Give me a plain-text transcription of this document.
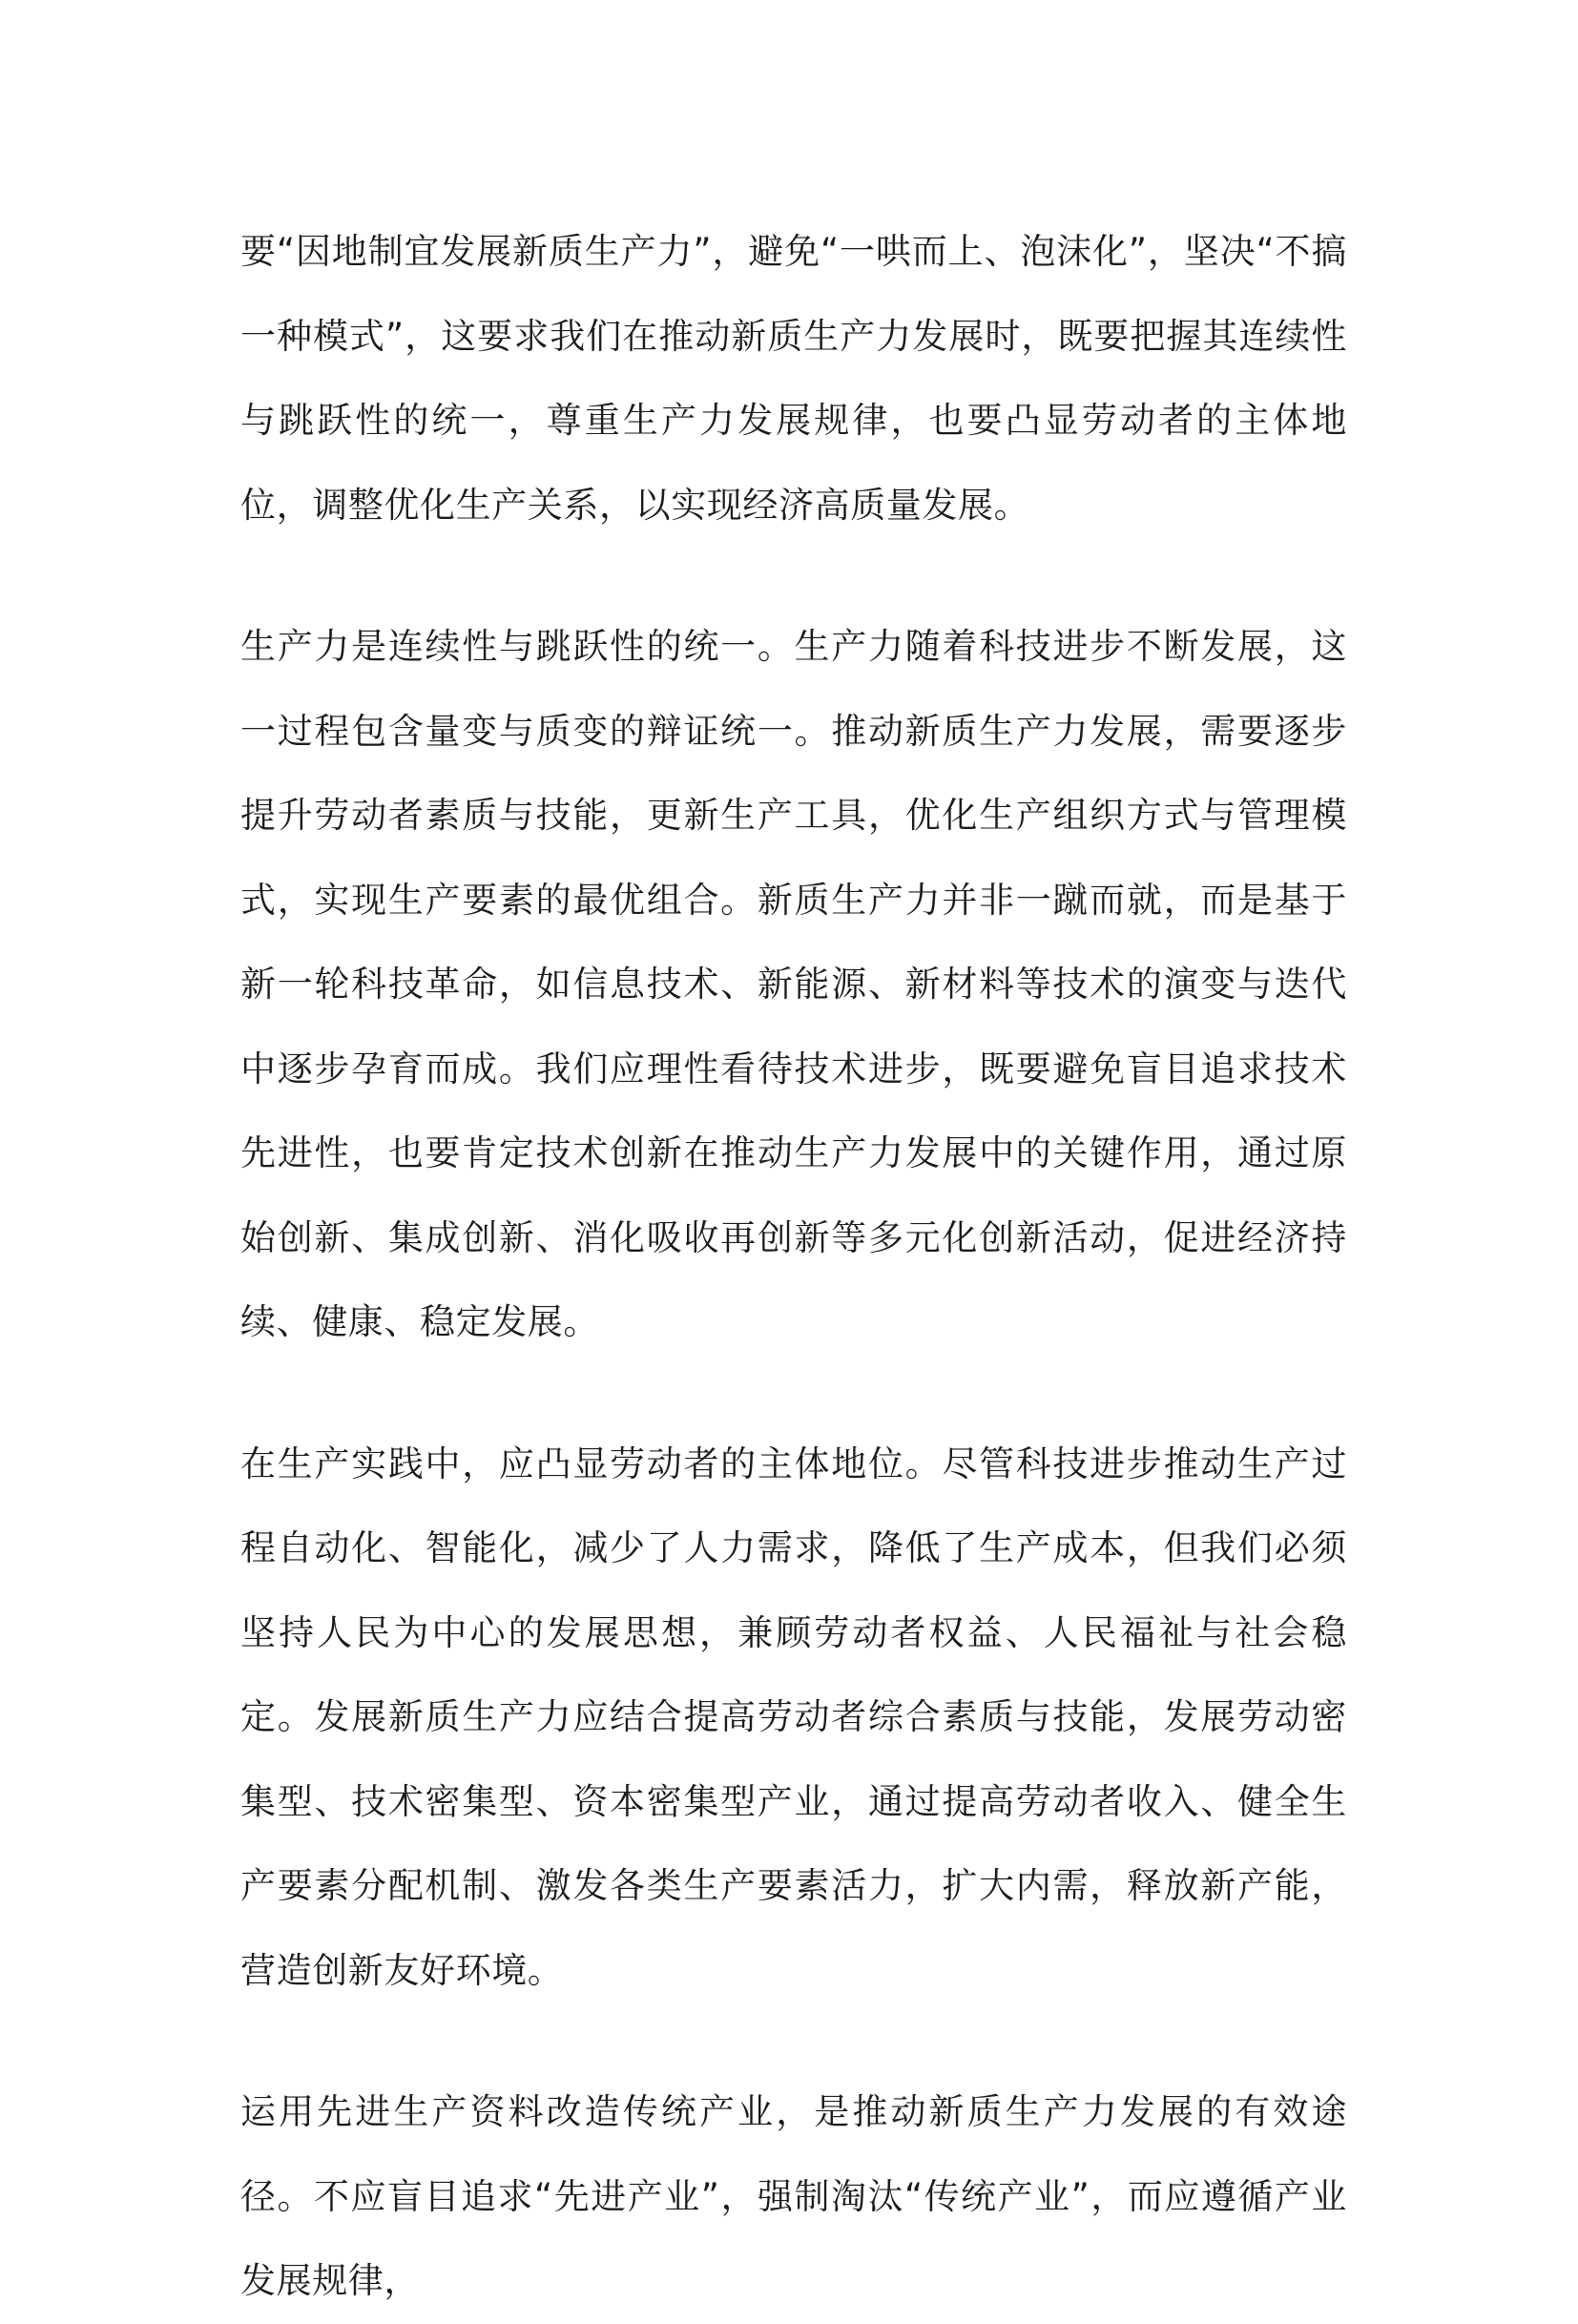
要“因地制宜发展新质生产力”，避免“一哄而上、泡沫化”，坚决“不搞一种模式”，这要求我们在推动新质生产力发展时，既要把握其连续性与跳跃性的统一，尊重生产力发展规律，也要凸显劳动者的主体地位，调整优化生产关系，以实现经济高质量发展。

生产力是连续性与跳跃性的统一。生产力随着科技进步不断发展，这一过程包含量变与质变的辩证统一。推动新质生产力发展，需要逐步提升劳动者素质与技能，更新生产工具，优化生产组织方式与管理模式，实现生产要素的最优组合。新质生产力并非一蹴而就，而是基于新一轮科技革命，如信息技术、新能源、新材料等技术的演变与迭代中逐步孕育而成。我们应理性看待技术进步，既要避免盲目追求技术先进性，也要肯定技术创新在推动生产力发展中的关键作用，通过原始创新、集成创新、消化吸收再创新等多元化创新活动，促进经济持续、健康、稳定发展。

在生产实践中，应凸显劳动者的主体地位。尽管科技进步推动生产过程自动化、智能化，减少了人力需求，降低了生产成本，但我们必须坚持人民为中心的发展思想，兼顾劳动者权益、人民福祉与社会稳定。发展新质生产力应结合提高劳动者综合素质与技能，发展劳动密集型、技术密集型、资本密集型产业，通过提高劳动者收入、健全生产要素分配机制、激发各类生产要素活力，扩大内需，释放新产能，营造创新友好环境。

运用先进生产资料改造传统产业，是推动新质生产力发展的有效途径。不应盲目追求“先进产业”，强制淘汰“传统产业”，而应遵循产业发展规律，
